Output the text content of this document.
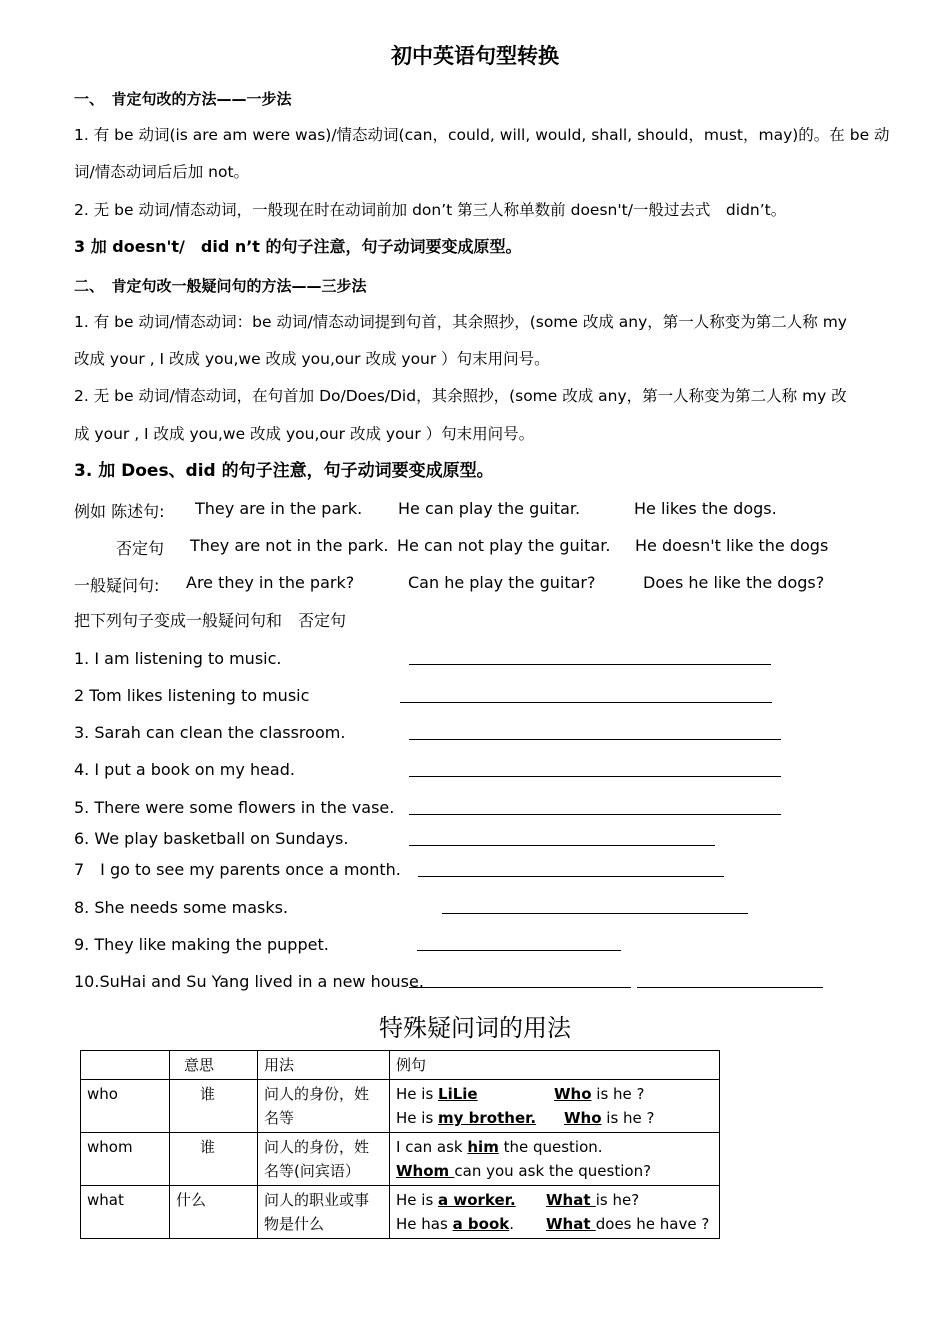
初中英语句型转换
一、　肯定句改的方法——一步法
1. 有 be 动词(is are am were was)/情态动词(can，could, will, would, shall, should，must，may)的。在 be 动
词/情态动词后后加 not。
2. 无 be 动词/情态动词，一般现在时在动词前加 don’t 第三人称单数前 doesn't/一般过去式　didn’t。
3 加 doesn't/　did n’t 的句子注意，句子动词要变成原型。
二、　肯定句改一般疑问句的方法——三步法
1. 有 be 动词/情态动词：be 动词/情态动词提到句首，其余照抄，(some 改成 any，第一人称变为第二人称 my
改成 your , I 改成 you,we 改成 you,our 改成 your ）句末用问号。
2. 无 be 动词/情态动词，在句首加 Do/Does/Did，其余照抄，(some 改成 any，第一人称变为第二人称 my 改
成 your , I 改成 you,we 改成 you,our 改成 your ）句末用问号。
3. 加 Does、did 的句子注意，句子动词要变成原型。
例如 陈述句: They are in the park. He can play the guitar.	He likes the dogs.
否定句 They are not in the park. He can not play the guitar. He doesn't like the dogs
一般疑问句: Are they in the park?	Can he play the guitar?	Does he like the dogs?
把下列句子变成一般疑问句和　否定句
1. I am listening to music.
2 Tom likes listening to music
3. Sarah can clean the classroom.
4. I put a book on my head.
5. There were some flowers in the vase.
6. We play basketball on Sundays.
7　I go to see my parents once a month.
8. She needs some masks.
9. They like making the puppet.
10.SuHai and Su Yang lived in a new house.
特殊疑问词的用法
	意思	用法	例句
who	谁	问人的身份，姓名等	He is LiLie Who is he ?
He is my brother. Who is he ?

whom	谁	问人的身份，姓名等(问宾语）	I can ask him the question.
Whom can you ask the question?

what	什么	问人的职业或事物是什么	He is a worker. What is he?
He has a book. What does he have ?
